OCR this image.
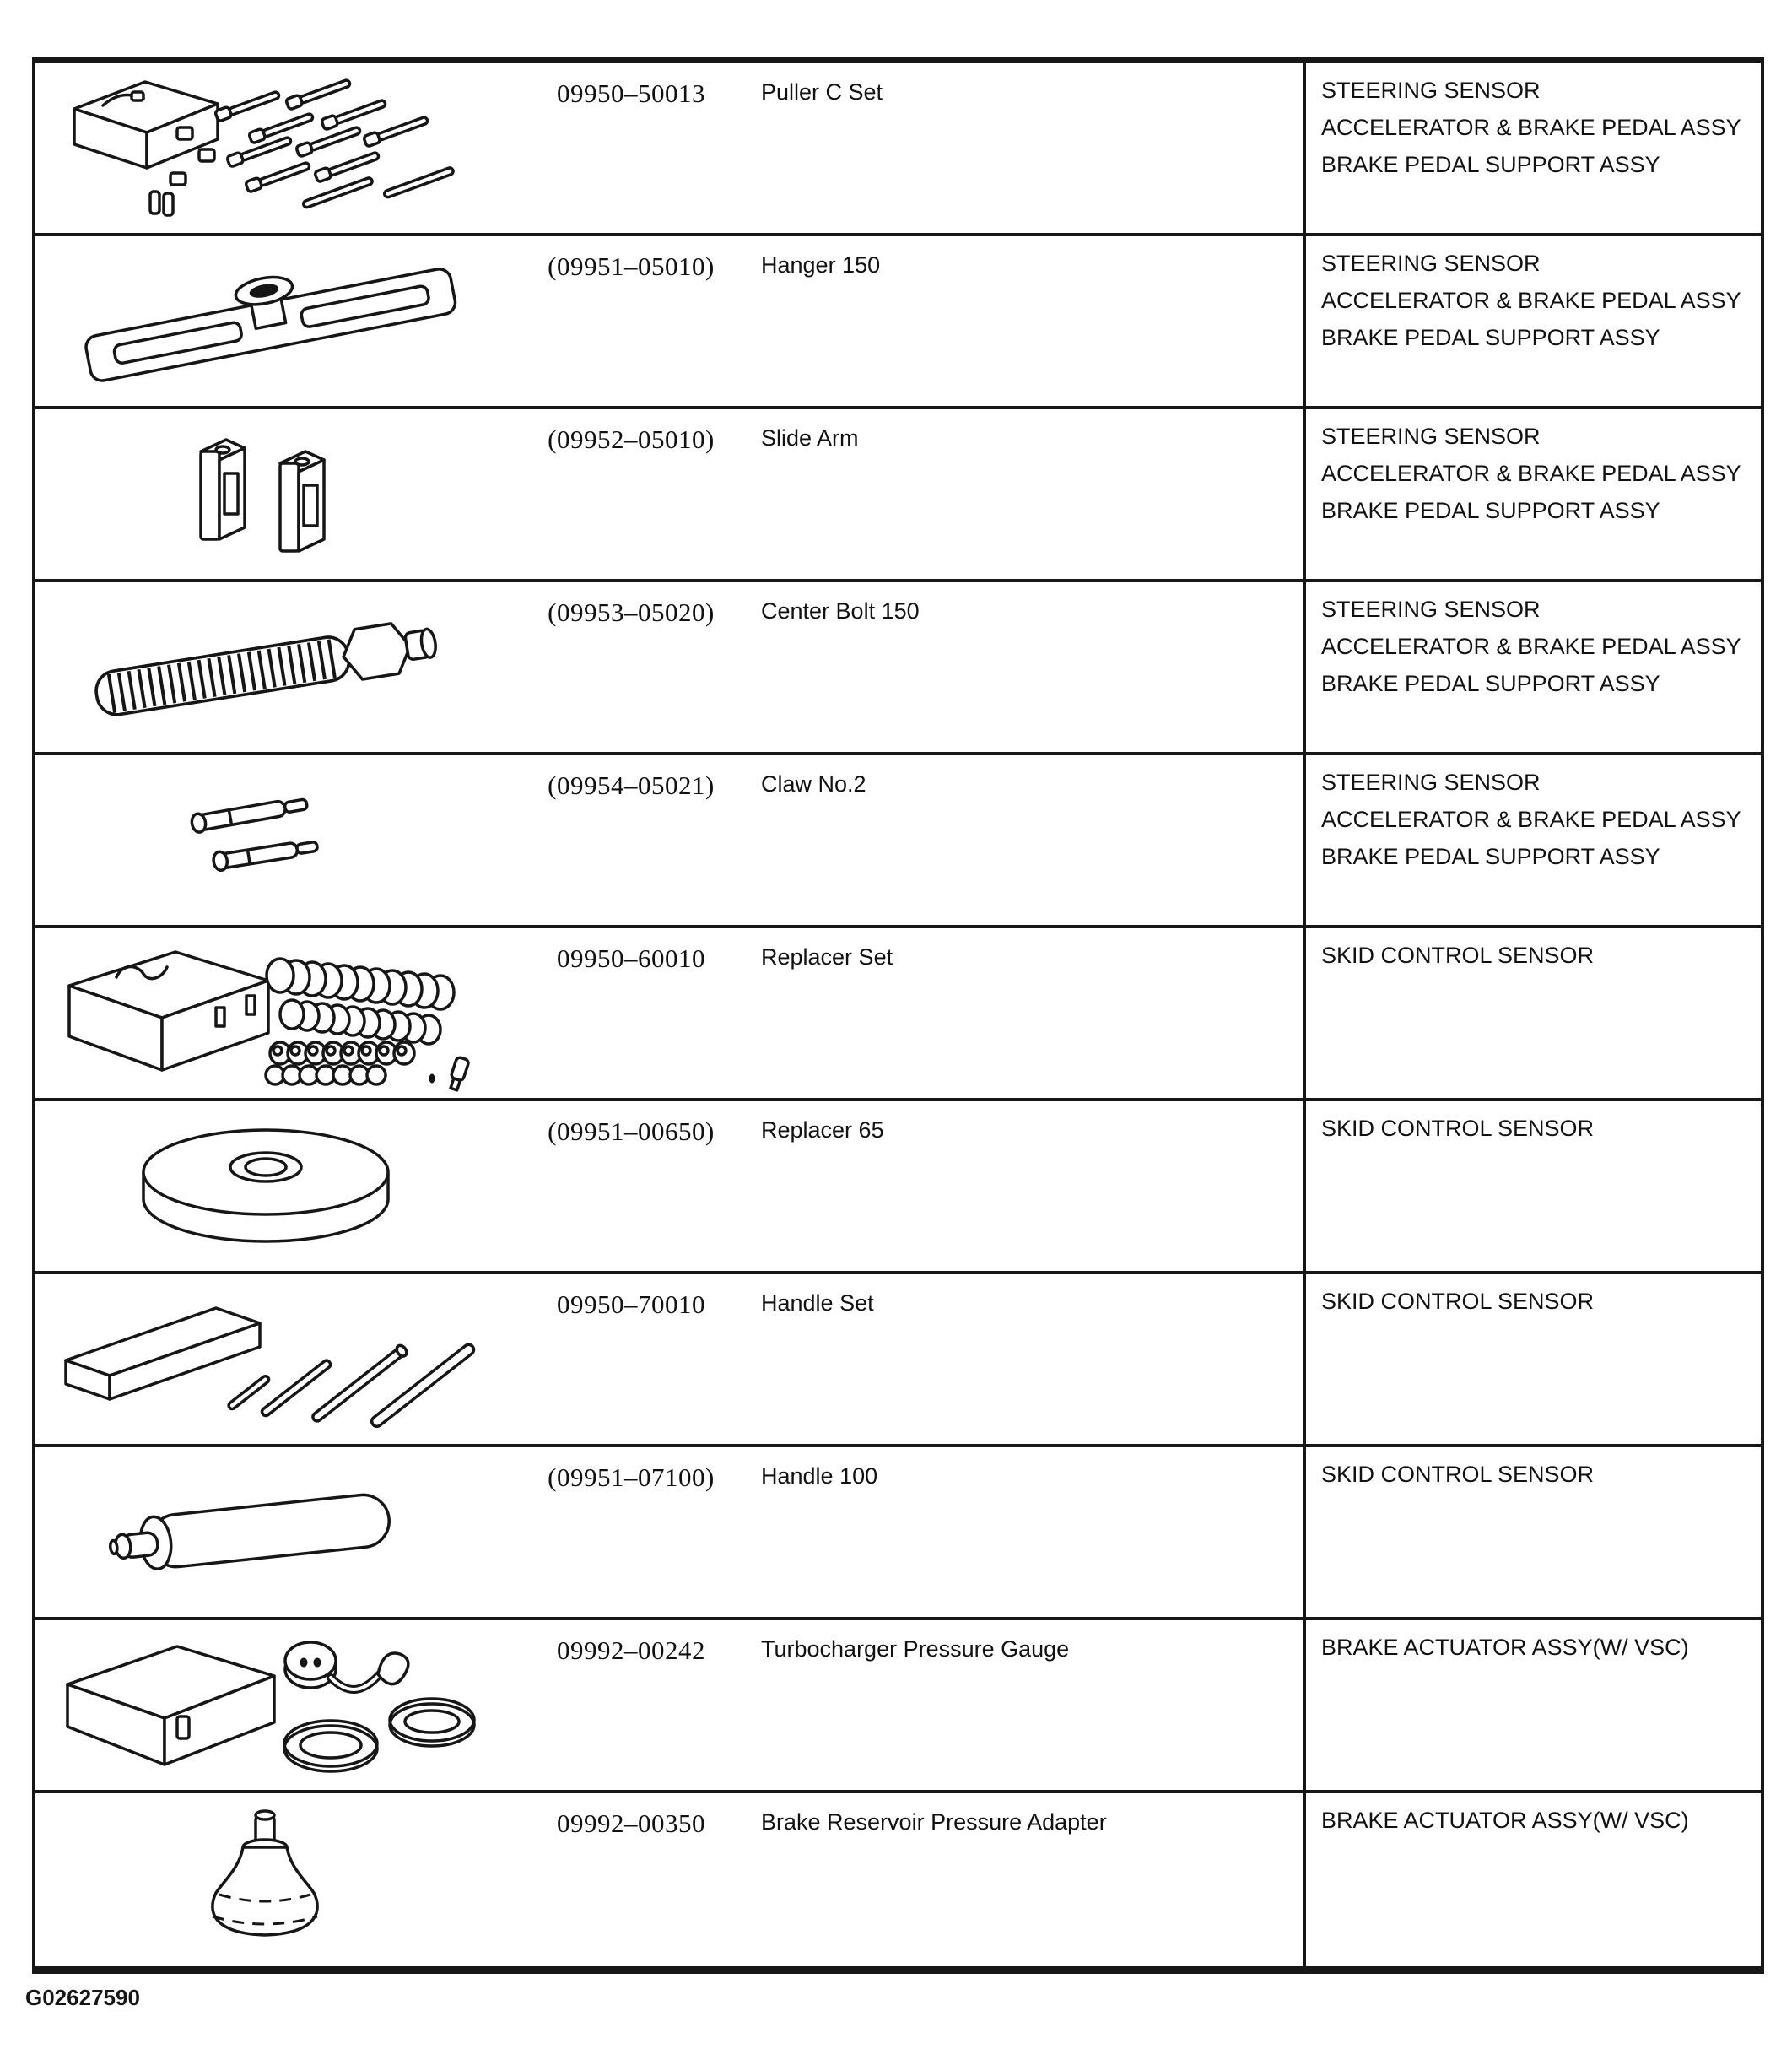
09950–50013	Puller C Set	STEERING SENSOR
ACCELERATOR & BRAKE PEDAL ASSY
BRAKE PEDAL SUPPORT ASSY
(09951–05010)	Hanger 150	STEERING SENSOR
ACCELERATOR & BRAKE PEDAL ASSY
BRAKE PEDAL SUPPORT ASSY
(09952–05010)	Slide Arm	STEERING SENSOR
ACCELERATOR & BRAKE PEDAL ASSY
BRAKE PEDAL SUPPORT ASSY
(09953–05020)	Center Bolt 150	STEERING SENSOR
ACCELERATOR & BRAKE PEDAL ASSY
BRAKE PEDAL SUPPORT ASSY
(09954–05021)	Claw No.2	STEERING SENSOR
ACCELERATOR & BRAKE PEDAL ASSY
BRAKE PEDAL SUPPORT ASSY
09950–60010	Replacer Set	SKID CONTROL SENSOR
(09951–00650)	Replacer 65	SKID CONTROL SENSOR
09950–70010	Handle Set	SKID CONTROL SENSOR
(09951–07100)	Handle 100	SKID CONTROL SENSOR
09992–00242	Turbocharger Pressure Gauge	BRAKE ACTUATOR ASSY(W/ VSC)
09992–00350	Brake Reservoir Pressure Adapter	BRAKE ACTUATOR ASSY(W/ VSC)
G02627590
